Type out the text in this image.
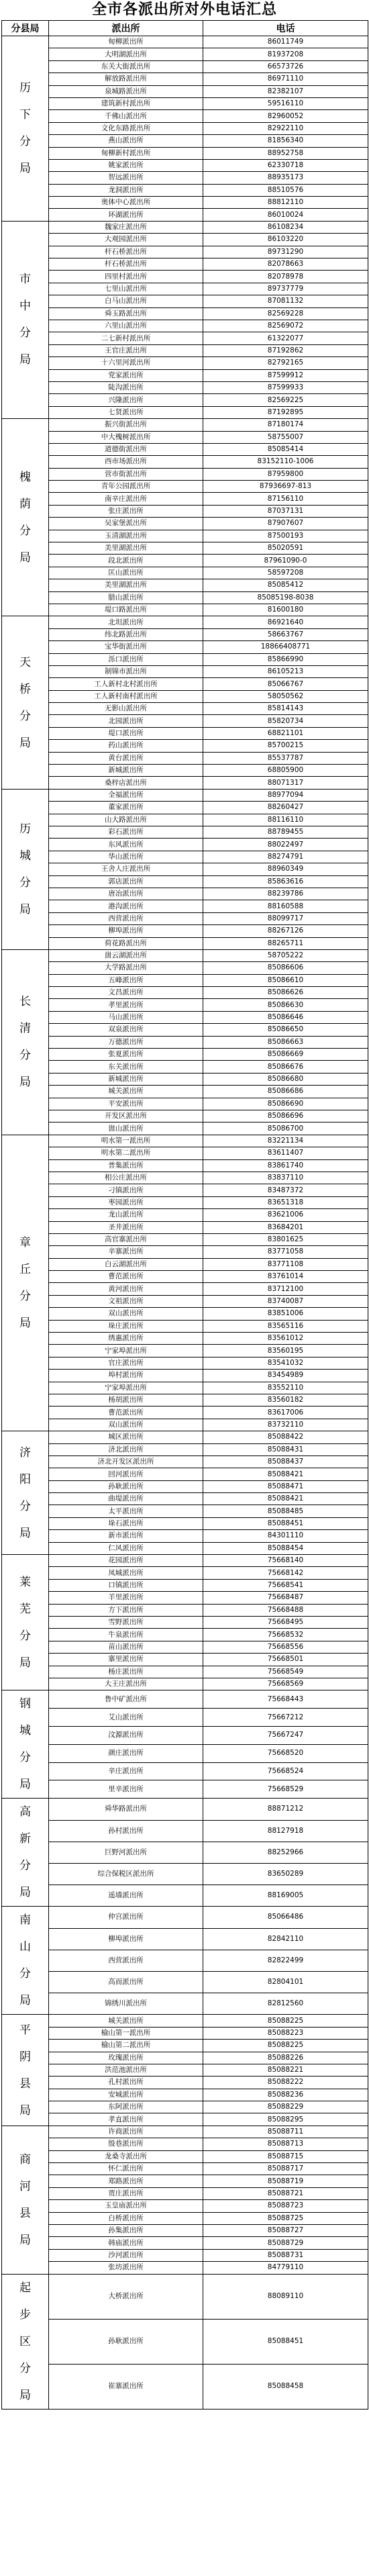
全市各派出所对外电话汇总
分县局	派出所	电话
历下分局	甸柳派出所	86011749
	大明湖派出所	81937208
	东关大街派出所	66573726
	解放路派出所	86971110
	泉城路派出所	82382107
	建筑新村派出所	59516110
	千佛山派出所	82960052
	文化东路派出所	82922110
	燕山派出所	81856340
	甸柳新村派出所	88952758
	姚家派出所	62330718
	智远派出所	88935173
	龙洞派出所	88510576
	奥体中心派出所	88812110
	环湖派出所	86010024
市中分局	魏家庄派出所	86108234
	大观园派出所	86103220
	杆石桥派出所	89731290
	杆石桥派出所	82078663
	四里村派出所	82078978
	七里山派出所	89737779
	白马山派出所	87081132
	舜玉路派出所	82569228
	六里山派出所	82569072
	二七新村派出所	61322077
	王官庄派出所	87192862
	十六里河派出所	82792165
	党家派出所	87599912
	陡沟派出所	87599933
	兴隆派出所	82569225
	七贤派出所	87192895
槐荫分局	振兴街派出所	87180174
	中大槐树派出所	58755007
	道德街派出所	85085414
	西市场派出所	83152110-1006
	营市街派出所	87959800
	青年公园派出所	87936697-813
	南辛庄派出所	87156110
	张庄派出所	87037131
	吴家堡派出所	87907607
	玉清湖派出所	87500193
	美里湖派出所	85020591
	段北派出所	87961090-0
	匡山派出所	58597208
	美里湖派出所	85085412
	腊山派出所	85085198-8038
	堤口路派出所	81600180
天桥分局	北坦派出所	86921640
	纬北路派出所	58663767
	宝华街派出所	18866408771
	泺口派出所	85866990
	制锦市派出所	86105213
	工人新村北村派出所	85066767
	工人新村南村派出所	58050562
	无影山派出所	85814143
	北园派出所	85820734
	堤口派出所	68821101
	药山派出所	85700215
	黄台派出所	85537787
	新城派出所	68805900
	桑梓店派出所	88071317
历城分局	全福派出所	88977094
	董家派出所	88260427
	山大路派出所	88116110
	彩石派出所	88789455
	东风派出所	88022497
	华山派出所	88274791
	王舍人庄派出所	88960349
	郭店派出所	85863616
	唐冶派出所	88239786
	港沟派出所	88160588
	西营派出所	88099717
	柳埠派出所	88267126
	荷花路派出所	88265711
长清分局	崮云湖派出所	58705222
	大学路派出所	85086606
	五峰派出所	85086610
	文昌派出所	85086626
	孝里派出所	85086630
	马山派出所	85086646
	双泉派出所	85086650
	万德派出所	85086663
	张夏派出所	85086669
	东关派出所	85086676
	新城派出所	85086680
	城关派出所	85086686
	平安派出所	85086690
	开发区派出所	85086696
	崮山派出所	85086700
章丘分局	明水第一派出所	83221134
	明水第二派出所	83611407
	普集派出所	83861740
	相公庄派出所	83837110
	刁镇派出所	83487372
	枣园派出所	83651318
	龙山派出所	83621006
	圣井派出所	83684201
	高官寨派出所	83801625
	辛寨派出所	83771058
	白云湖派出所	83771108
	曹范派出所	83761014
	黄河派出所	83712100
	文祖派出所	83740087
	双山派出所	83851006
	垛庄派出所	83565116
	绣惠派出所	83561012
	宁家埠派出所	83560195
	官庄派出所	83541032
	埠村派出所	83454989
	宁家埠派出所	83552110
	杨胡派出所	83560182
	曹范派出所	83617006
	双山派出所	83732110
济阳分局	城区派出所	85088422
	济北派出所	85088431
	济北开发区派出所	85088437
	回河派出所	85088421
	孙耿派出所	85088471
	曲堤派出所	85088421
	太平派出所	85088485
	垛石派出所	85088451
	新市派出所	84301110
	仁风派出所	85088454
莱芜分局	花园派出所	75668140
	凤城派出所	75668142
	口镇派出所	75668541
	羊里派出所	75668487
	方下派出所	75668488
	雪野派出所	75668495
	牛泉派出所	75668532
	苗山派出所	75668556
	寨里派出所	75668501
	杨庄派出所	75668549
	大王庄派出所	75668569
钢城分局	鲁中矿派出所	75668443
	艾山派出所	75667212
	汶源派出所	75667247
	颜庄派出所	75668520
	辛庄派出所	75668524
	里辛派出所	75668529
高新分局	舜华路派出所	88871212
	孙村派出所	88127918
	巨野河派出所	88252966
	综合保税区派出所	83650289
	遥墙派出所	88169005
南山分局	仲宫派出所	85066486
	柳埠派出所	82842110
	西营派出所	82822499
	高而派出所	82804101
	锦绣川派出所	82812560
平阴县局	城关派出所	85088225
	榆山第一派出所	85088223
	榆山第二派出所	85088225
	玫瑰派出所	85088226
	洪范池派出所	85088221
	孔村派出所	85088222
	安城派出所	85088236
	东阿派出所	85088229
	孝直派出所	85088295
商河县局	许商派出所	85088711
	殷巷派出所	85088713
	龙桑寺派出所	85088715
	怀仁派出所	85088717
	郑路派出所	85088719
	贾庄派出所	85088721
	玉皇庙派出所	85088723
	白桥派出所	85088725
	孙集派出所	85088727
	韩庙派出所	85088729
	沙河派出所	85088731
	张坊派出所	84779110
起步区分局	大桥派出所	88089110
	孙耿派出所	85088451
	崔寨派出所	85088458
